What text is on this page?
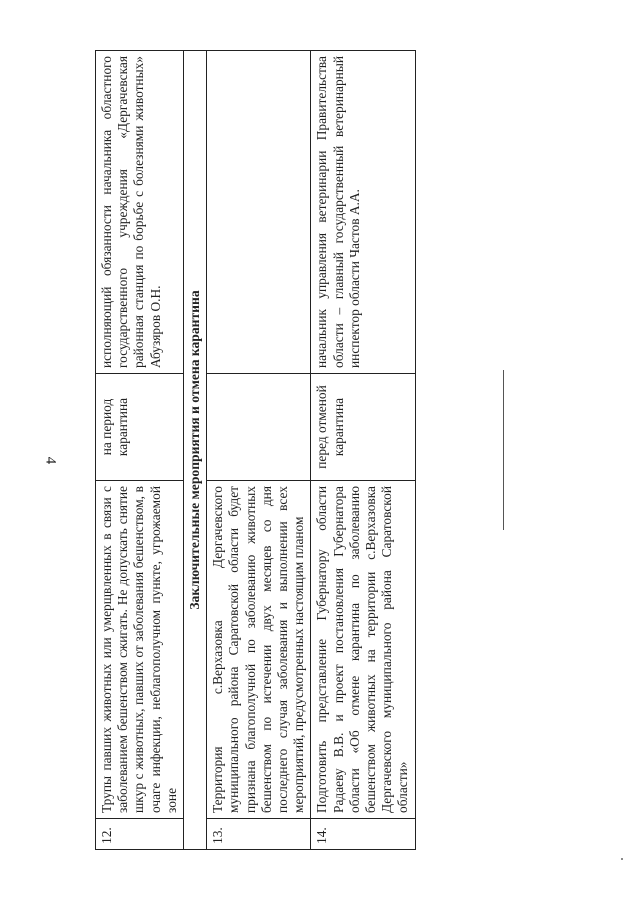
4
12.	Трупы павших животных или умерщвленных в связи с заболеванием бешенством сжигать. Не допускать снятие шкур с животных, павших от заболевания бешенством, в очаге инфекции, неблагополучном пункте, угрожаемой зоне	на период карантина	исполняющий обязанности начальника областного государственного учреждения «Дергачевская районная станция по борьбе с болезнями животных» Абузяров О.Н.
Заключительные мероприятия и отмена карантина			
13.	Территория с.Верхазовка Дергачевского муниципального района Саратовской области будет признана благополучной по заболеванию животных бешенством по истечении двух месяцев со дня последнего случая заболевания и выполнении всех мероприятий, предусмотренных настоящим планом		
14.	Подготовить представление Губернатору области Радаеву В.В. и проект постановления Губернатора области «Об отмене карантина по заболеванию бешенством животных на территории с.Верхазовка Дергачевского муниципального района Саратовской области»	перед отменой карантина	начальник управления ветеринарии Правительства области – главный государственный ветеринарный инспектор области Частов А.А.
